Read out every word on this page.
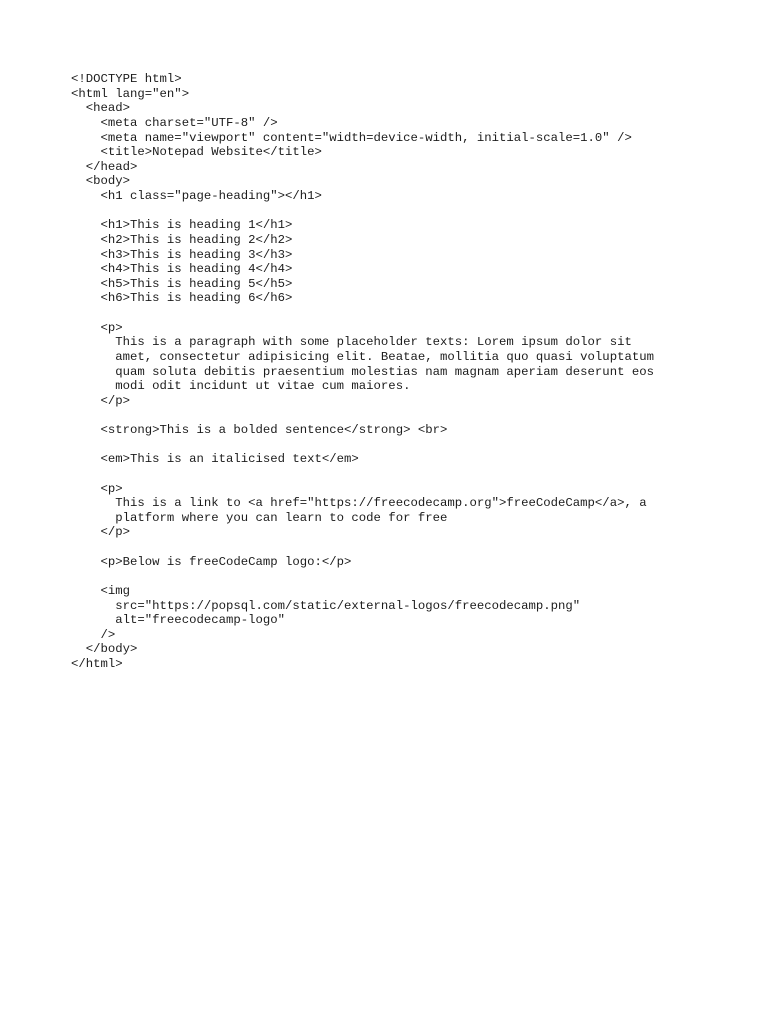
<!DOCTYPE html>
<html lang="en">
<head>
<meta charset="UTF-8" />
<meta name="viewport" content="width=device-width, initial-scale=1.0" />
<title>Notepad Website</title>
</head>
<body>
<h1 class="page-heading"></h1>
<h1>This is heading 1</h1>
<h2>This is heading 2</h2>
<h3>This is heading 3</h3>
<h4>This is heading 4</h4>
<h5>This is heading 5</h5>
<h6>This is heading 6</h6>
<p>
This is a paragraph with some placeholder texts: Lorem ipsum dolor sit
amet, consectetur adipisicing elit. Beatae, mollitia quo quasi voluptatum
quam soluta debitis praesentium molestias nam magnam aperiam deserunt eos
modi odit incidunt ut vitae cum maiores.
</p>
<strong>This is a bolded sentence</strong> <br>
<em>This is an italicised text</em>
<p>
This is a link to <a href="https://freecodecamp.org">freeCodeCamp</a>, a
platform where you can learn to code for free
</p>
<p>Below is freeCodeCamp logo:</p>
<img
src="https://popsql.com/static/external-logos/freecodecamp.png"
alt="freecodecamp-logo"
/>
</body>
</html>
